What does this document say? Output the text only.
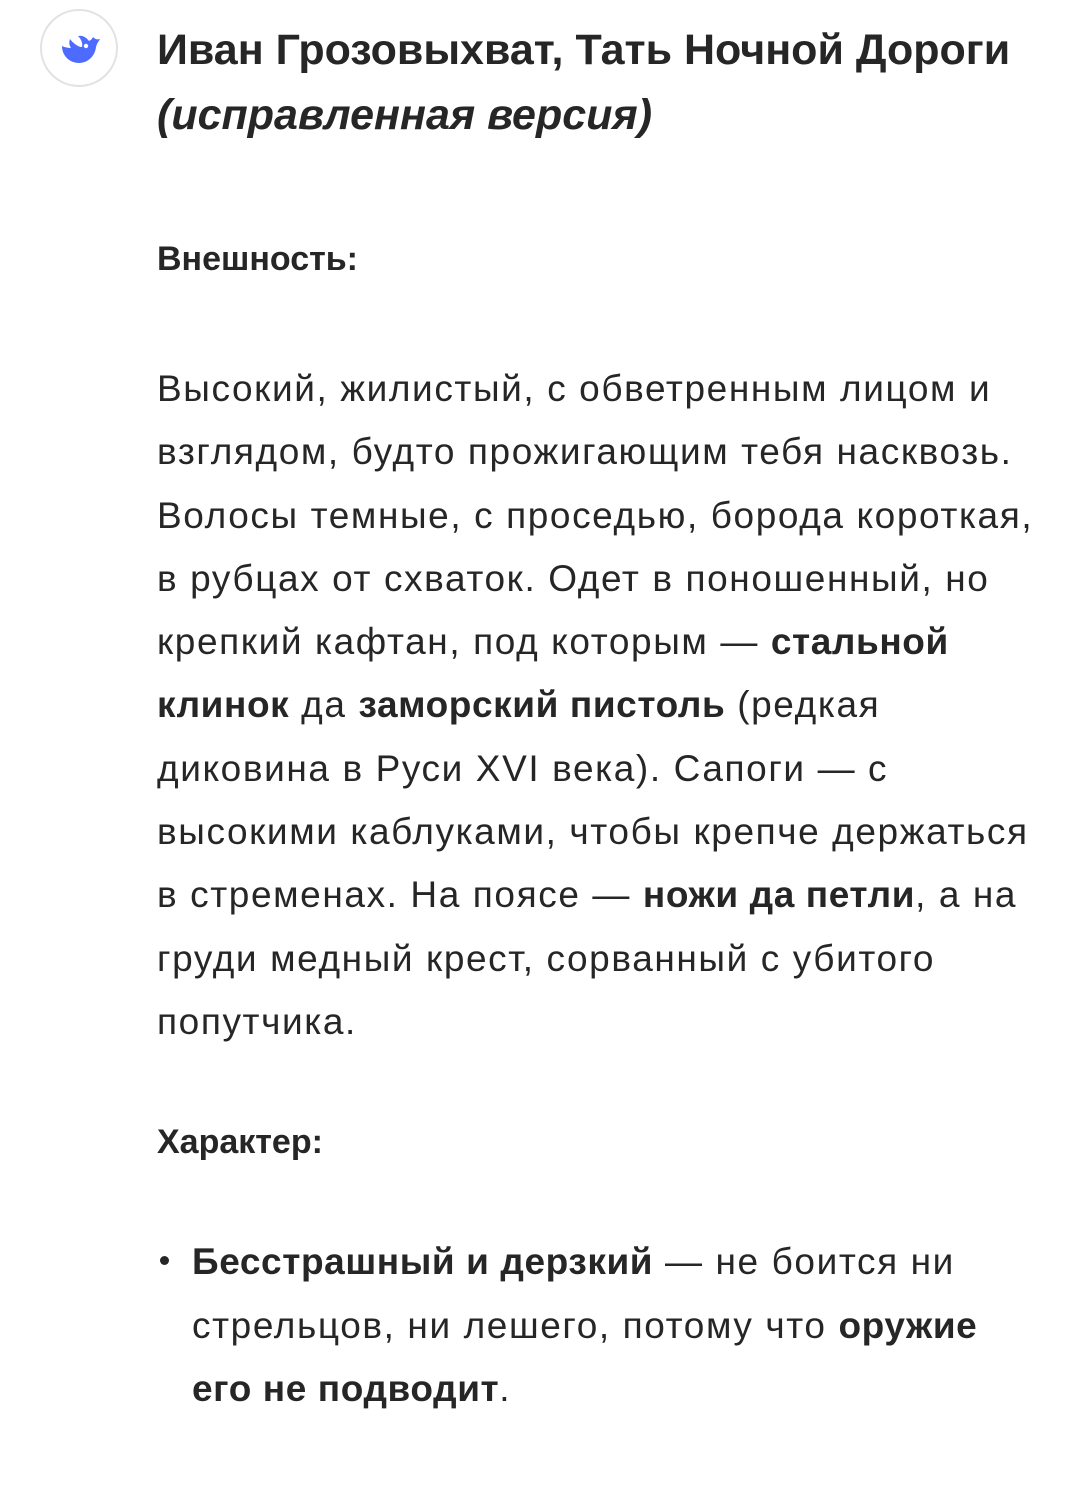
Иван Грозовыхват, Тать Ночной Дороги (исправленная версия)
Внешность:

Высокий, жилистый, с обветренным лицом и взглядом, будто прожигающим тебя насквозь. Волосы темные, с проседью, борода короткая, в рубцах от схваток. Одет в поношенный, но крепкий кафтан, под которым — стальной клинок да заморский пистоль (редкая диковина в Руси XVI века). Сапоги — с высокими каблуками, чтобы крепче держаться в стременах. На поясе — ножи да петли, а на груди медный крест, сорванный с убитого попутчика.

Характер:
Бесстрашный и дерзкий — не боится ни стрельцов, ни лешего, потому что оружие его не подводит.
